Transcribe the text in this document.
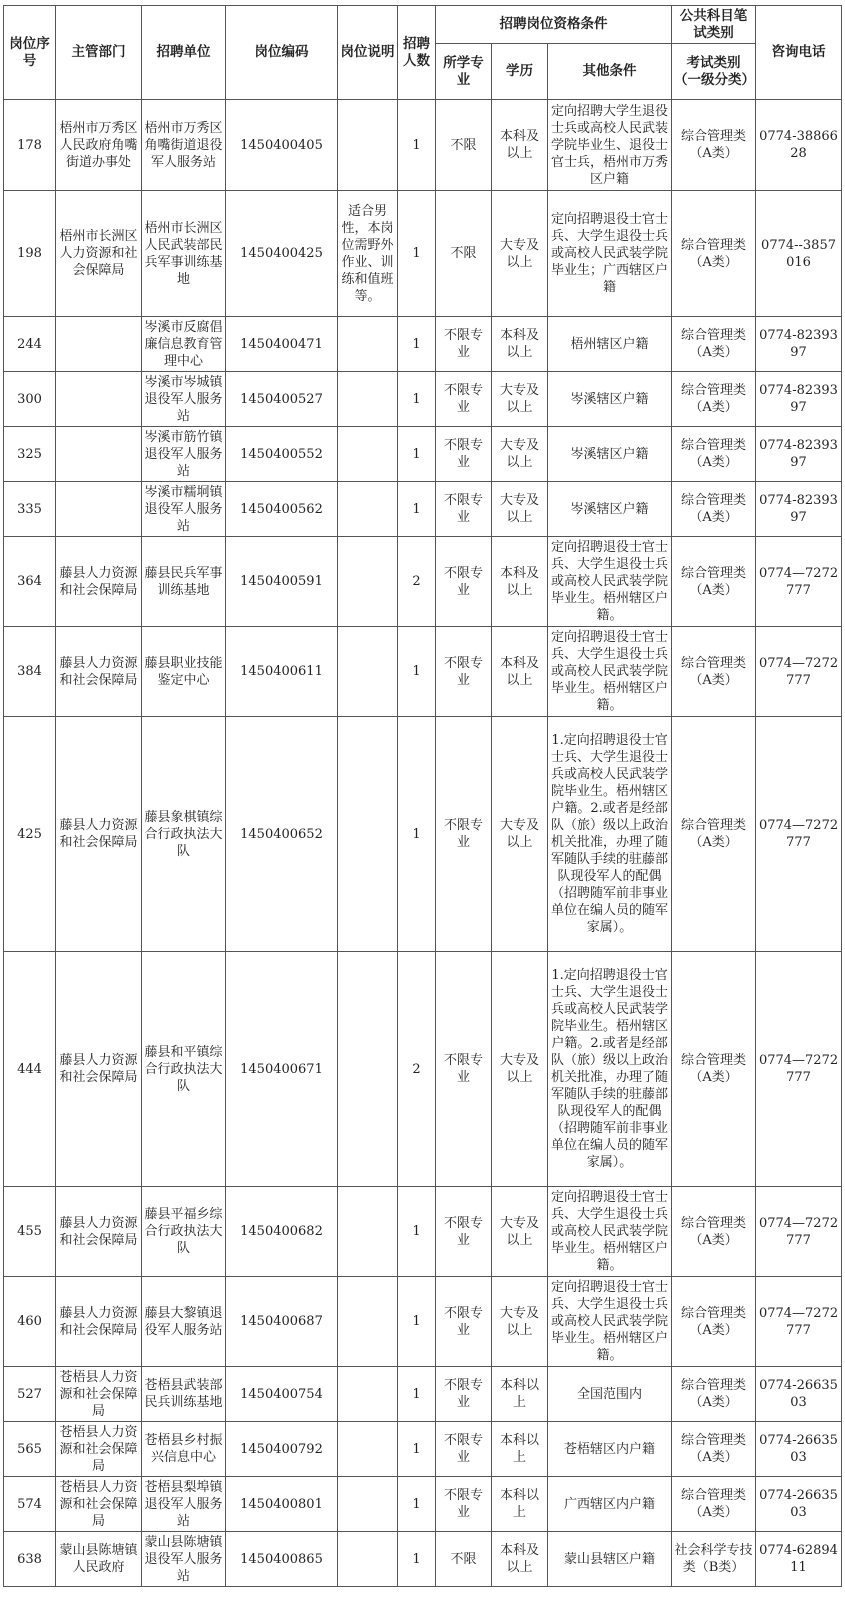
岗位序号	主管部门	招聘单位	岗位编码	岗位说明	招聘人数	招聘岗位资格条件			公共科目笔试类别	咨询电话
						所学专业	学历	其他条件	考试类别（一级分类）	
178	梧州市万秀区人民政府角嘴街道办事处	梧州市万秀区角嘴街道退役军人服务站	1450400405		1	不限	本科及以上	定向招聘大学生退役士兵或高校人民武装学院毕业生、退役士官士兵，梧州市万秀区户籍	综合管理类（A类）	0774-3886628
198	梧州市长洲区人力资源和社会保障局	梧州市长洲区人民武装部民兵军事训练基地	1450400425	适合男性，本岗位需野外作业、训练和值班等。	1	不限	大专及以上	定向招聘退役士官士兵、大学生退役士兵或高校人民武装学院毕业生；广西辖区户籍	综合管理类（A类）	0774--3857016
244		岑溪市反腐倡廉信息教育管理中心	1450400471		1	不限专业	本科及以上	梧州辖区户籍	综合管理类（A类）	0774-8239397
300		岑溪市岑城镇退役军人服务站	1450400527		1	不限专业	大专及以上	岑溪辖区户籍	综合管理类（A类）	0774-8239397
325		岑溪市筋竹镇退役军人服务站	1450400552		1	不限专业	大专及以上	岑溪辖区户籍	综合管理类（A类）	0774-8239397
335		岑溪市糯垌镇退役军人服务站	1450400562		1	不限专业	大专及以上	岑溪辖区户籍	综合管理类（A类）	0774-8239397
364	藤县人力资源和社会保障局	藤县民兵军事训练基地	1450400591		2	不限专业	本科及以上	定向招聘退役士官士兵、大学生退役士兵或高校人民武装学院毕业生。梧州辖区户籍。	综合管理类（A类）	0774—7272777
384	藤县人力资源和社会保障局	藤县职业技能鉴定中心	1450400611		1	不限专业	本科及以上	定向招聘退役士官士兵、大学生退役士兵或高校人民武装学院毕业生。梧州辖区户籍。	综合管理类（A类）	0774—7272777
425	藤县人力资源和社会保障局	藤县象棋镇综合行政执法大队	1450400652		1	不限专业	大专及以上	1.定向招聘退役士官士兵、大学生退役士兵或高校人民武装学院毕业生。梧州辖区户籍。2.或者是经部队（旅）级以上政治机关批准，办理了随军随队手续的驻藤部队现役军人的配偶（招聘随军前非事业单位在编人员的随军家属）。	综合管理类（A类）	0774—7272777
444	藤县人力资源和社会保障局	藤县和平镇综合行政执法大队	1450400671		2	不限专业	大专及以上	1.定向招聘退役士官士兵、大学生退役士兵或高校人民武装学院毕业生。梧州辖区户籍。2.或者是经部队（旅）级以上政治机关批准，办理了随军随队手续的驻藤部队现役军人的配偶（招聘随军前非事业单位在编人员的随军家属）。	综合管理类（A类）	0774—7272777
455	藤县人力资源和社会保障局	藤县平福乡综合行政执法大队	1450400682		1	不限专业	大专及以上	定向招聘退役士官士兵、大学生退役士兵或高校人民武装学院毕业生。梧州辖区户籍。	综合管理类（A类）	0774—7272777
460	藤县人力资源和社会保障局	藤县大黎镇退役军人服务站	1450400687		1	不限专业	大专及以上	定向招聘退役士官士兵、大学生退役士兵或高校人民武装学院毕业生。梧州辖区户籍。	综合管理类（A类）	0774—7272777
527	苍梧县人力资源和社会保障局	苍梧县武装部民兵训练基地	1450400754		1	不限专业	本科以上	全国范围内	综合管理类（A类）	0774-2663503
565	苍梧县人力资源和社会保障局	苍梧县乡村振兴信息中心	1450400792		1	不限专业	本科以上	苍梧辖区内户籍	综合管理类（A类）	0774-2663503
574	苍梧县人力资源和社会保障局	苍梧县梨埠镇退役军人服务站	1450400801		1	不限专业	本科以上	广西辖区内户籍	综合管理类（A类）	0774-2663503
638	蒙山县陈塘镇人民政府	蒙山县陈塘镇退役军人服务站	1450400865		1	不限	本科及以上	蒙山县辖区户籍	社会科学专技类（B类）	0774-6289411
